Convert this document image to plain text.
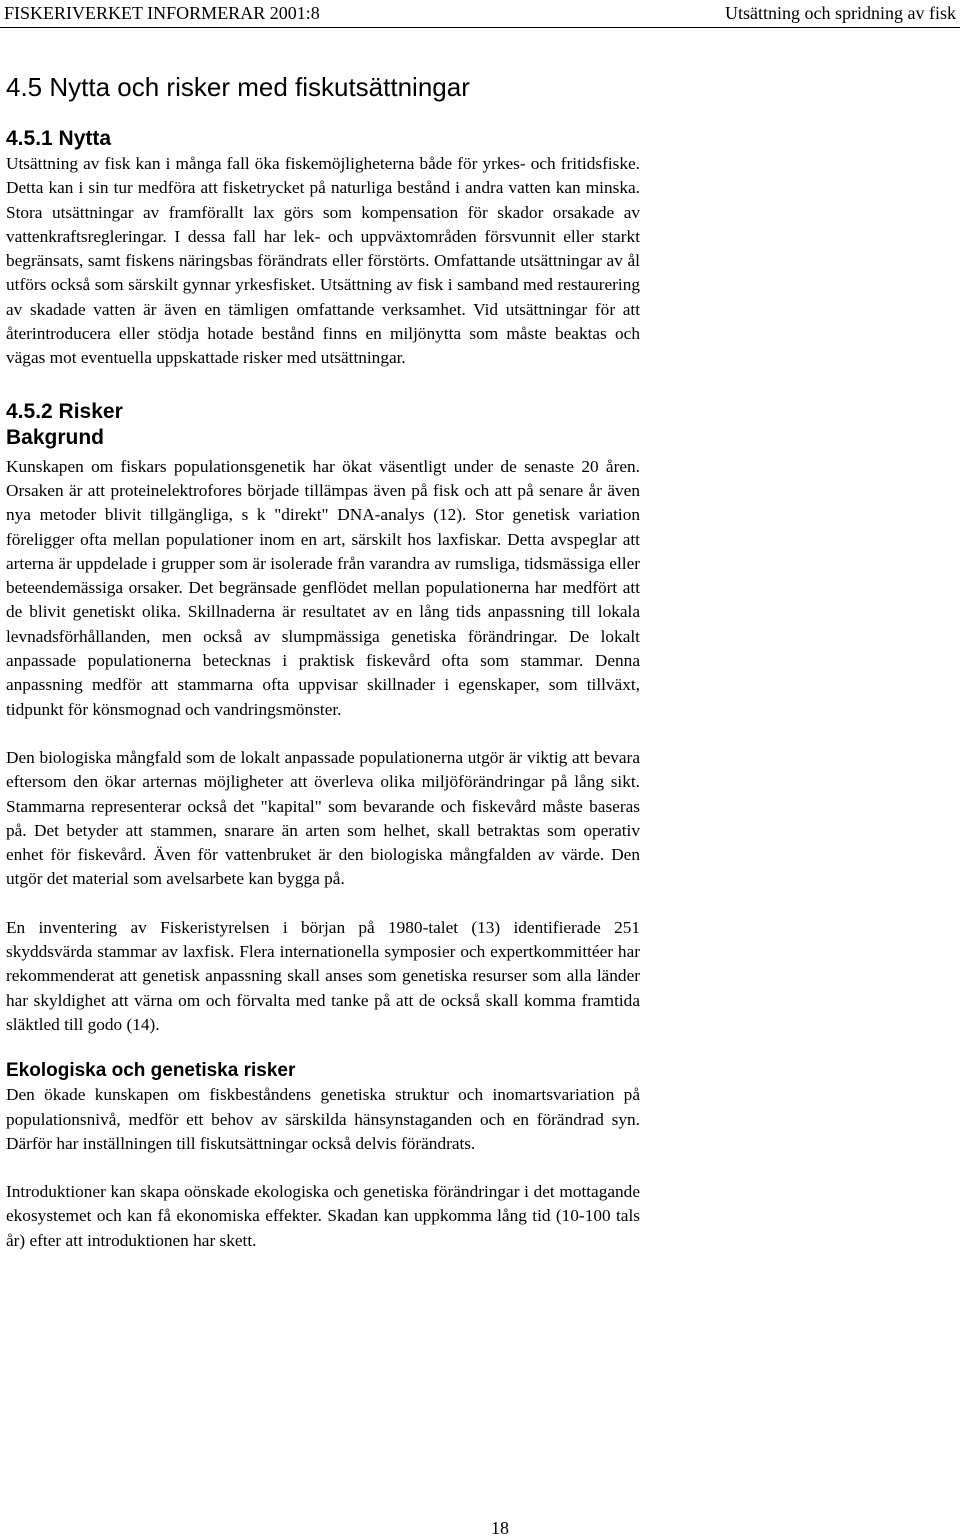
FISKERIVERKET INFORMERAR 2001:8	Utsättning och spridning av fisk
4.5 Nytta och risker med fiskutsättningar
4.5.1 Nytta

Utsättning av fisk kan i många fall öka fiskemöjligheterna både för yrkes- och fritidsfiske. Detta kan i sin tur medföra att fisketrycket på naturliga bestånd i andra vatten kan minska. Stora utsättningar av framförallt lax görs som kompensation för skador orsakade av vattenkraftsregleringar. I dessa fall har lek- och uppväxtområden försvunnit eller starkt begränsats, samt fiskens näringsbas förändrats eller förstörts. Omfattande utsättningar av ål utförs också som särskilt gynnar yrkesfisket. Utsättning av fisk i samband med restaurering av skadade vatten är även en tämligen omfattande verksamhet. Vid utsättningar för att återintroducera eller stödja hotade bestånd finns en miljönytta som måste beaktas och vägas mot eventuella uppskattade risker med utsättningar.

4.5.2 Risker
Bakgrund

Kunskapen om fiskars populationsgenetik har ökat väsentligt under de senaste 20 åren. Orsaken är att proteinelektrofores började tillämpas även på fisk och att på senare år även nya metoder blivit tillgängliga, s k "direkt" DNA-analys (12). Stor genetisk variation föreligger ofta mellan populationer inom en art, särskilt hos laxfiskar. Detta avspeglar att arterna är uppdelade i grupper som är isolerade från varandra av rumsliga, tidsmässiga eller beteendemässiga orsaker. Det begränsade genflödet mellan populationerna har medfört att de blivit genetiskt olika. Skillnaderna är resultatet av en lång tids anpassning till lokala levnadsförhållanden, men också av slumpmässiga genetiska förändringar. De lokalt anpassade populationerna betecknas i praktisk fiskevård ofta som stammar. Denna anpassning medför att stammarna ofta uppvisar skillnader i egenskaper, som tillväxt, tidpunkt för könsmognad och vandringsmönster.

Den biologiska mångfald som de lokalt anpassade populationerna utgör är viktig att bevara eftersom den ökar arternas möjligheter att överleva olika miljöförändringar på lång sikt. Stammarna representerar också det "kapital" som bevarande och fiskevård måste baseras på. Det betyder att stammen, snarare än arten som helhet, skall betraktas som operativ enhet för fiskevård. Även för vattenbruket är den biologiska mångfalden av värde. Den utgör det material som avelsarbete kan bygga på.

En inventering av Fiskeristyrelsen i början på 1980-talet (13) identifierade 251 skyddsvärda stammar av laxfisk. Flera internationella symposier och expertkommittéer har rekommenderat att genetisk anpassning skall anses som genetiska resurser som alla länder har skyldighet att värna om och förvalta med tanke på att de också skall komma framtida släktled till godo (14).

Ekologiska och genetiska risker

Den ökade kunskapen om fiskbeståndens genetiska struktur och inomartsvariation på populationsnivå, medför ett behov av särskilda hänsynstaganden och en förändrad syn. Därför har inställningen till fiskutsättningar också delvis förändrats.

Introduktioner kan skapa oönskade ekologiska och genetiska förändringar i det mottagande ekosystemet och kan få ekonomiska effekter. Skadan kan uppkomma lång tid (10-100 tals år) efter att introduktionen har skett.

18
